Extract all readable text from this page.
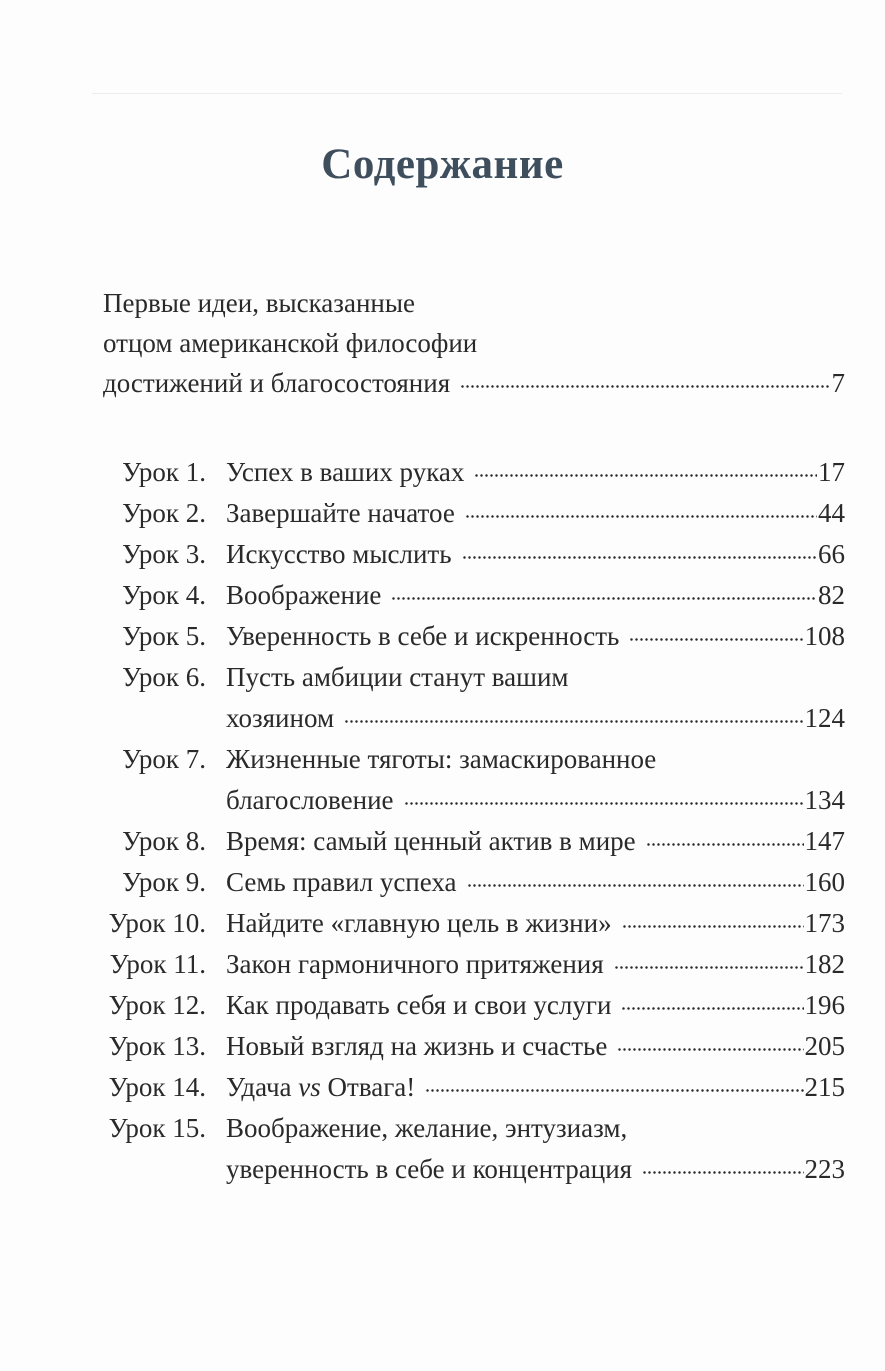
Содержание
Первые идеи, высказанные
отцом американской философии
достижений и благосостояния	7
Урок 1. Успех в ваших руках	17
Урок 2. Завершайте начатое	44
Урок 3. Искусство мыслить	66
Урок 4. Воображение	82
Урок 5. Уверенность в себе и искренность	108
Урок 6. Пусть амбиции станут вашим
хозяином	124
Урок 7. Жизненные тяготы: замаскированное
благословение	134
Урок 8. Время: самый ценный актив в мире	147
Урок 9. Семь правил успеха	160
Урок 10. Найдите «главную цель в жизни»	173
Урок 11. Закон гармоничного притяжения	182
Урок 12. Как продавать себя и свои услуги	196
Урок 13. Новый взгляд на жизнь и счастье	205
Урок 14. Удача vs Отвага!	215
Урок 15. Воображение, желание, энтузиазм,
уверенность в себе и концентрация	223
